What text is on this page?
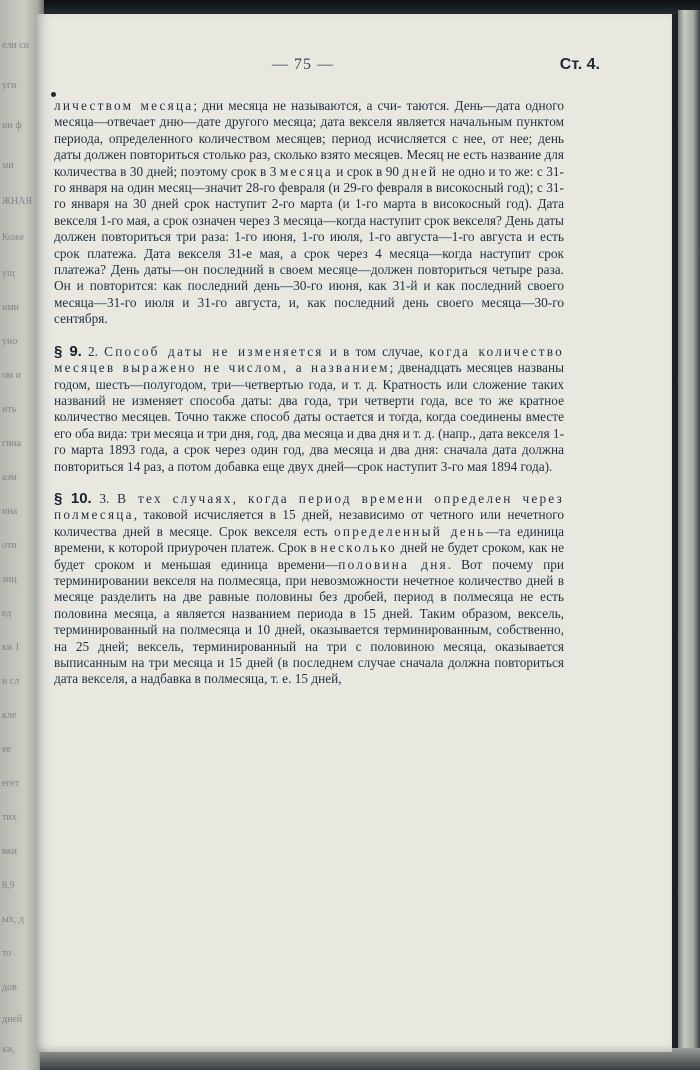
ели си
уги
ии ф
ми
ЖНАЯ
Коже
ущ
ими
уно
ом и
ить
гина
азм
ина
оти
зиц
ед
ки 1
и сл
кле
ее
егет
тих
вки
8,9
ых, д
то
дов
дней
ки,
— 75 —	Ст. 4.

личеством месяца; дни месяца не называются, а счи- таются. День—дата одного месяца—отвечает дню—дате другого месяца; дата векселя является начальным пунктом периода, определенного количеством месяцев; период исчисляется с нее, от нее; день даты должен повториться столько раз, сколько взято месяцев. Месяц не есть название для количества в 30 дней; поэтому срок в 3 месяца и срок в 90 дней не одно и то же: с 31-го января на один месяц—значит 28-го февраля (и 29-го февраля в високосный год); с 31-го января на 30 дней срок наступит 2-го марта (и 1-го марта в високосный год). Дата векселя 1-го мая, а срок означен через 3 месяца—когда наступит срок векселя? День даты должен повториться три раза: 1-го июня, 1-го июля, 1-го августа—1-го августа и есть срок платежа. Дата векселя 31-е мая, а срок через 4 месяца—когда наступит срок платежа? День даты—он последний в своем месяце—должен повториться четыре раза. Он и повторится: как последний день—30-го июня, как 31-й и как последний своего месяца—31-го июля и 31-го августа, и, как последний день своего месяца—30-го сентября.

§ 9. 2. Способ даты не изменяется и в том случае, когда количество месяцев выражено не числом, а названием; двенадцать месяцев названы годом, шесть—полугодом, три—четвертью года, и т. д. Кратность или сложение таких названий не изменяет способа даты: два года, три четверти года, все то же кратное количество месяцев. Точно также способ даты остается и тогда, когда соединены вместе его оба вида: три месяца и три дня, год, два месяца и два дня и т. д. (напр., дата векселя 1-го марта 1893 года, а срок через один год, два месяца и два дня: сначала дата должна повториться 14 раз, а потом добавка еще двух дней—срок наступит 3-го мая 1894 года).

§ 10. 3. В тех случаях, когда период времени определен через полмесяца, таковой исчисляется в 15 дней, независимо от четного или нечетного количества дней в месяце. Срок векселя есть определенный день—та единица времени, к которой приурочен платеж. Срок в несколько дней не будет сроком, как не будет сроком и меньшая единица времени—половина дня. Вот почему при терминировании векселя на полмесяца, при невозможности нечетное количество дней в месяце разделить на две равные половины без дробей, период в полмесяца не есть половина месяца, а является названием периода в 15 дней. Таким образом, вексель, терминированный на полмесяца и 10 дней, оказывается терминированным, собственно, на 25 дней; вексель, терминированный на три с половиною месяца, оказывается выписанным на три месяца и 15 дней (в последнем случае сначала должна повториться дата векселя, а надбавка в полмесяца, т. е. 15 дней,
